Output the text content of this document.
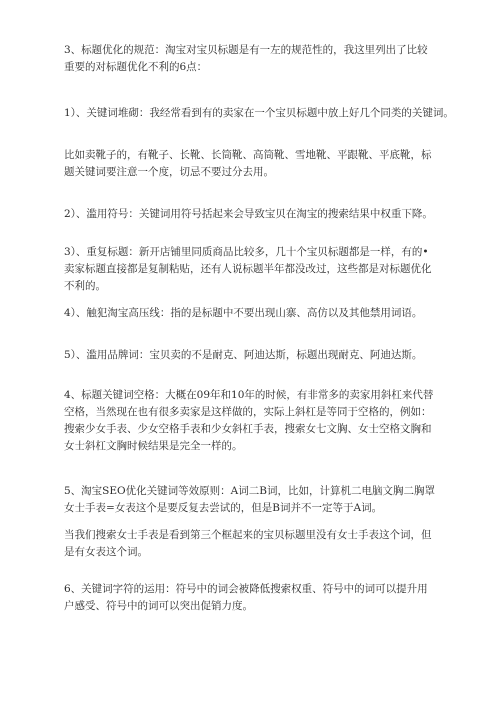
3、标题优化的规范：淘宝对宝贝标题是有一左的规范性的，我这里列出了比较重要的对标题优化不利的6点：

1）、关键词堆砌：我经常看到有的卖家在一个宝贝标题中放上好几个同类的关键词。

比如卖靴子的，有靴子、长靴、长筒靴、高筒靴、雪地靴、平跟靴、平底靴，标题关键词要注意一个度，切忌不要过分去用。

2）、滥用符号：关键词用符号括起来会导致宝贝在淘宝的搜索结果中权重下降。

3）、重复标题：新开店铺里同质商品比较多，几十个宝贝标题都是一样，有的•卖家标题直接都是复制粘贴，还有人说标题半年都没改过，这些都是对标题优化不利的。

4）、触犯淘宝高压线：指的是标题中不要出现山寨、高仿以及其他禁用词语。

5）、滥用品牌词：宝贝卖的不是耐克、阿迪达斯，标题出现耐克、阿迪达斯。

4、标题关键词空格：大概在09年和10年的时候，有非常多的卖家用斜杠来代替空格，当然现在也有很多卖家是这样做的，实际上斜杠是等同于空格的，例如：搜索少女手表、少女空格手表和少女斜杠手表，搜索女七文胸、女士空格文胸和女士斜杠文胸时候结果是完全一样的。

5、淘宝SEO优化关键词等效原则：A词二B词，比如，计算机二电脑文胸二胸罩女士手表=女表这个是要反复去尝试的，但是B词并不一定等于A词。

当我们搜索女士手表是看到第三个框起来的宝贝标题里没有女士手表这个词，但是有女表这个词。

6、关键词字符的运用：符号中的词会被降低搜索权重、符号中的词可以提升用户感受、符号中的词可以突出促销力度。
